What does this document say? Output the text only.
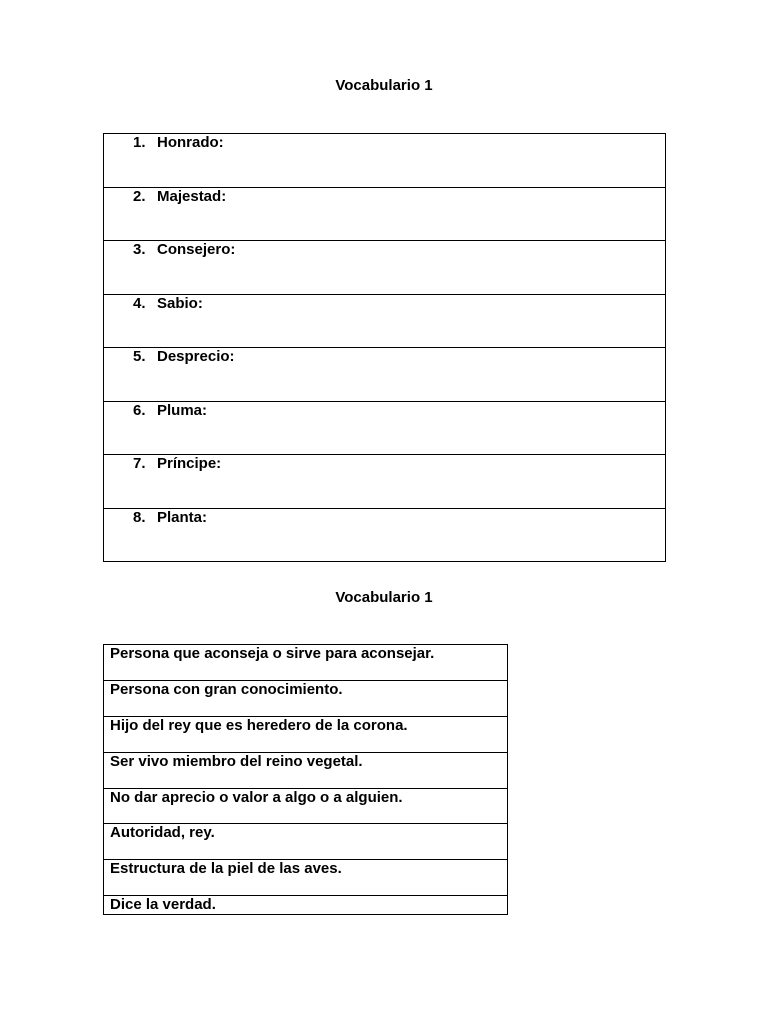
Vocabulario 1
1. Honrado:

2. Majestad:

3. Consejero:

4. Sabio:

5. Desprecio:

6. Pluma:

7. Príncipe:

8. Planta:
Vocabulario 1
Persona que aconseja o sirve para aconsejar.
Persona con gran conocimiento.
Hijo del rey que es heredero de la corona.
Ser vivo miembro del reino vegetal.
No dar aprecio o valor a algo o a alguien.
Autoridad, rey.
Estructura de la piel de las aves.
Dice la verdad.
